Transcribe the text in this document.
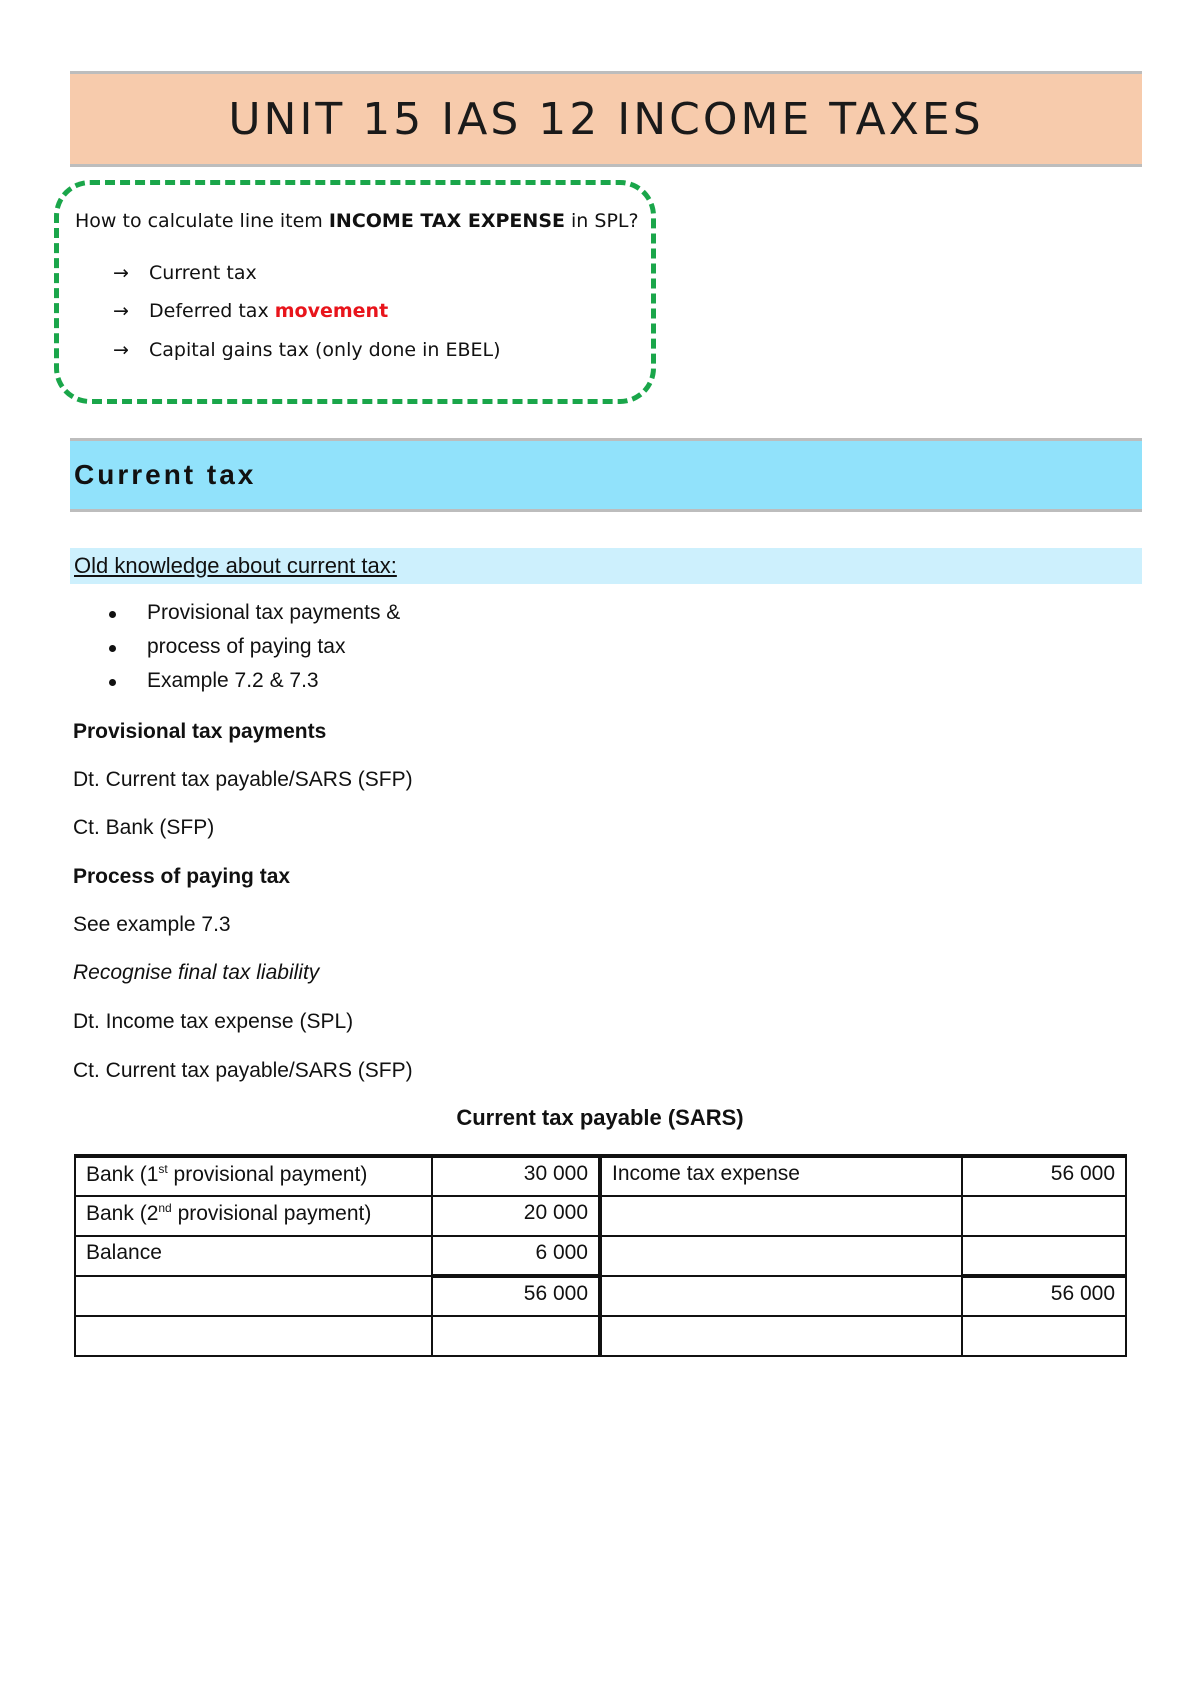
UNIT 15 IAS 12 INCOME TAXES
How to calculate line item INCOME TAX EXPENSE in SPL?
→ Current tax
→ Deferred tax movement
→ Capital gains tax (only done in EBEL)
Current tax
Old knowledge about current tax:
Provisional tax payments &
process of paying tax
Example 7.2 & 7.3
Provisional tax payments
Dt. Current tax payable/SARS (SFP)
Ct. Bank (SFP)
Process of paying tax
See example 7.3
Recognise final tax liability
Dt. Income tax expense (SPL)
Ct. Current tax payable/SARS (SFP)
Current tax payable (SARS)
Bank (1st provisional payment)	30 000	Income tax expense	56 000
Bank (2nd provisional payment)	20 000		
Balance	6 000		
	56 000		56 000
